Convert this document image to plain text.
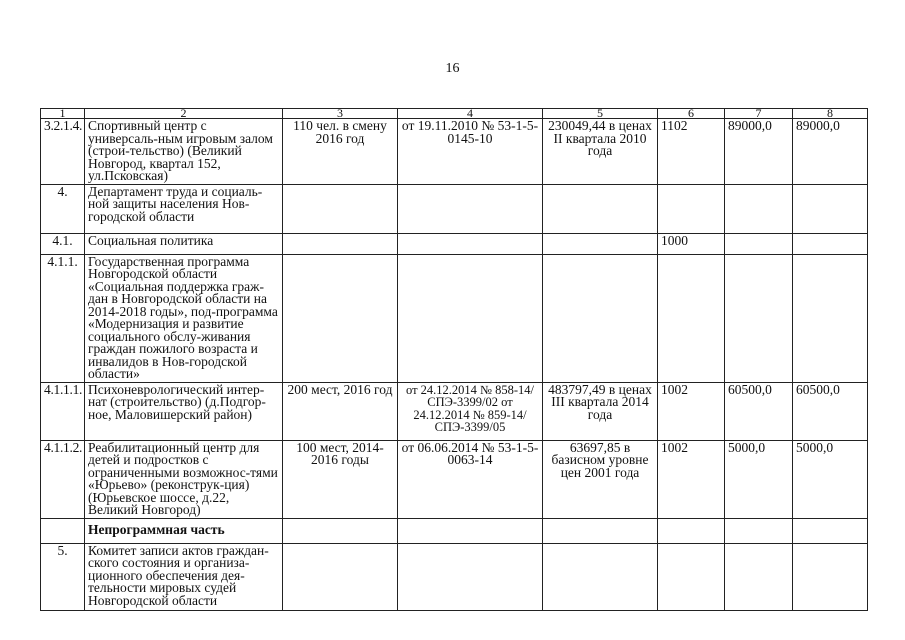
16
1	2	3	4	5	6	7	8
3.2.1.4.	Спортивный центр с универсаль-ным игровым залом (строи-тельство) (Великий Новгород, квартал 152, ул.Псковская)	110 чел. в смену 2016 год	от 19.11.2010 № 53-1-5-0145-10	230049,44 в ценах II квартала 2010 года	1102	89000,0	89000,0
4.	Департамент труда и социаль-ной защиты населения Нов-городской области						
4.1.	Социальная политика				1000		
4.1.1.	Государственная программа Новгородской области «Социальная поддержка граж-дан в Новгородской области на 2014-2018 годы», под-программа «Модернизация и развитие социального обслу-живания граждан пожилого возраста и инвалидов в Нов-городской области»						
4.1.1.1.	Психоневрологический интер-нат (строительство) (д.Подгор-ное, Маловишерский район)	200 мест, 2016 год	от 24.12.2014 № 858-14/СПЭ-3399/02 от 24.12.2014 № 859-14/СПЭ-3399/05	483797,49 в ценах III квартала 2014 года	1002	60500,0	60500,0
4.1.1.2.	Реабилитационный центр для детей и подростков с ограниченными возможнос-тями «Юрьево» (реконструк-ция) (Юрьевское шоссе, д.22, Великий Новгород)	100 мест, 2014-2016 годы	от 06.06.2014 № 53-1-5-0063-14	63697,85 в базисном уровне цен 2001 года	1002	5000,0	5000,0
	Непрограммная часть						
5.	Комитет записи актов граждан-ского состояния и организа-ционного обеспечения дея-тельности мировых судей Новгородской области						
